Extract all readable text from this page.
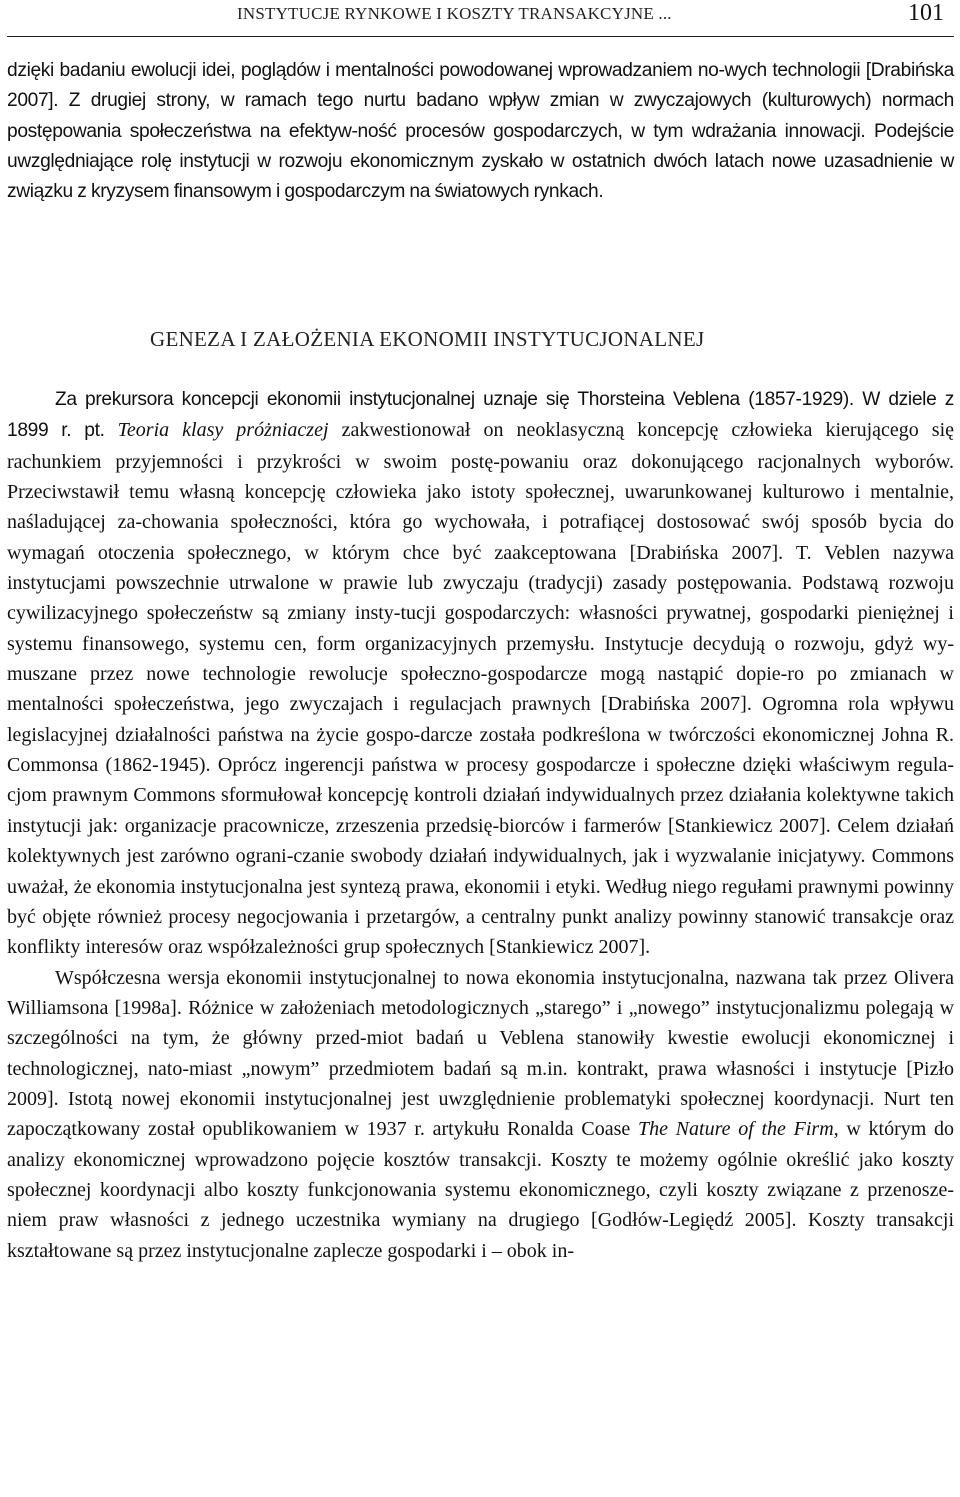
INSTYTUCJE RYNKOWE I KOSZTY TRANSAKCYJNE ...	101

dzięki badaniu ewolucji idei, poglądów i mentalności powodowanej wprowadzaniem no-wych technologii [Drabińska 2007]. Z drugiej strony, w ramach tego nurtu badano wpływ zmian w zwyczajowych (kulturowych) normach postępowania społeczeństwa na efektyw-ność procesów gospodarczych, w tym wdrażania innowacji. Podejście uwzględniające rolę instytucji w rozwoju ekonomicznym zyskało w ostatnich dwóch latach nowe uzasadnienie w związku z kryzysem finansowym i gospodarczym na światowych rynkach.

GENEZA I ZAŁOŻENIA EKONOMII INSTYTUCJONALNEJ

Za prekursora koncepcji ekonomii instytucjonalnej uznaje się Thorsteina Veblena (1857-1929). W dziele z 1899 r. pt. Teoria klasy próżniaczej zakwestionował on neoklasyczną koncepcję człowieka kierującego się rachunkiem przyjemności i przykrości w swoim postę-powaniu oraz dokonującego racjonalnych wyborów. Przeciwstawił temu własną koncepcję człowieka jako istoty społecznej, uwarunkowanej kulturowo i mentalnie, naśladującej za-chowania społeczności, która go wychowała, i potrafiącej dostosować swój sposób bycia do wymagań otoczenia społecznego, w którym chce być zaakceptowana [Drabińska 2007]. T. Veblen nazywa instytucjami powszechnie utrwalone w prawie lub zwyczaju (tradycji) zasady postępowania. Podstawą rozwoju cywilizacyjnego społeczeństw są zmiany insty-tucji gospodarczych: własności prywatnej, gospodarki pieniężnej i systemu finansowego, systemu cen, form organizacyjnych przemysłu. Instytucje decydują o rozwoju, gdyż wy-muszane przez nowe technologie rewolucje społeczno-gospodarcze mogą nastąpić dopie-ro po zmianach w mentalności społeczeństwa, jego zwyczajach i regulacjach prawnych [Drabińska 2007]. Ogromna rola wpływu legislacyjnej działalności państwa na życie gospo-darcze została podkreślona w twórczości ekonomicznej Johna R. Commonsa (1862-1945). Oprócz ingerencji państwa w procesy gospodarcze i społeczne dzięki właściwym regula-cjom prawnym Commons sformułował koncepcję kontroli działań indywidualnych przez działania kolektywne takich instytucji jak: organizacje pracownicze, zrzeszenia przedsię-biorców i farmerów [Stankiewicz 2007]. Celem działań kolektywnych jest zarówno ograni-czanie swobody działań indywidualnych, jak i wyzwalanie inicjatywy. Commons uważał, że ekonomia instytucjonalna jest syntezą prawa, ekonomii i etyki. Według niego regułami prawnymi powinny być objęte również procesy negocjowania i przetargów, a centralny punkt analizy powinny stanowić transakcje oraz konflikty interesów oraz współzależności grup społecznych [Stankiewicz 2007].

Współczesna wersja ekonomii instytucjonalnej to nowa ekonomia instytucjonalna, nazwana tak przez Olivera Williamsona [1998a]. Różnice w założeniach metodologicznych „starego” i „nowego” instytucjonalizmu polegają w szczególności na tym, że główny przed-miot badań u Veblena stanowiły kwestie ewolucji ekonomicznej i technologicznej, nato-miast „nowym” przedmiotem badań są m.in. kontrakt, prawa własności i instytucje [Pizło 2009]. Istotą nowej ekonomii instytucjonalnej jest uwzględnienie problematyki społecznej koordynacji. Nurt ten zapoczątkowany został opublikowaniem w 1937 r. artykułu Ronalda Coase The Nature of the Firm, w którym do analizy ekonomicznej wprowadzono pojęcie kosztów transakcji. Koszty te możemy ogólnie określić jako koszty społecznej koordynacji albo koszty funkcjonowania systemu ekonomicznego, czyli koszty związane z przenosze-niem praw własności z jednego uczestnika wymiany na drugiego [Godłów-Legiędź 2005]. Koszty transakcji kształtowane są przez instytucjonalne zaplecze gospodarki i – obok in-
